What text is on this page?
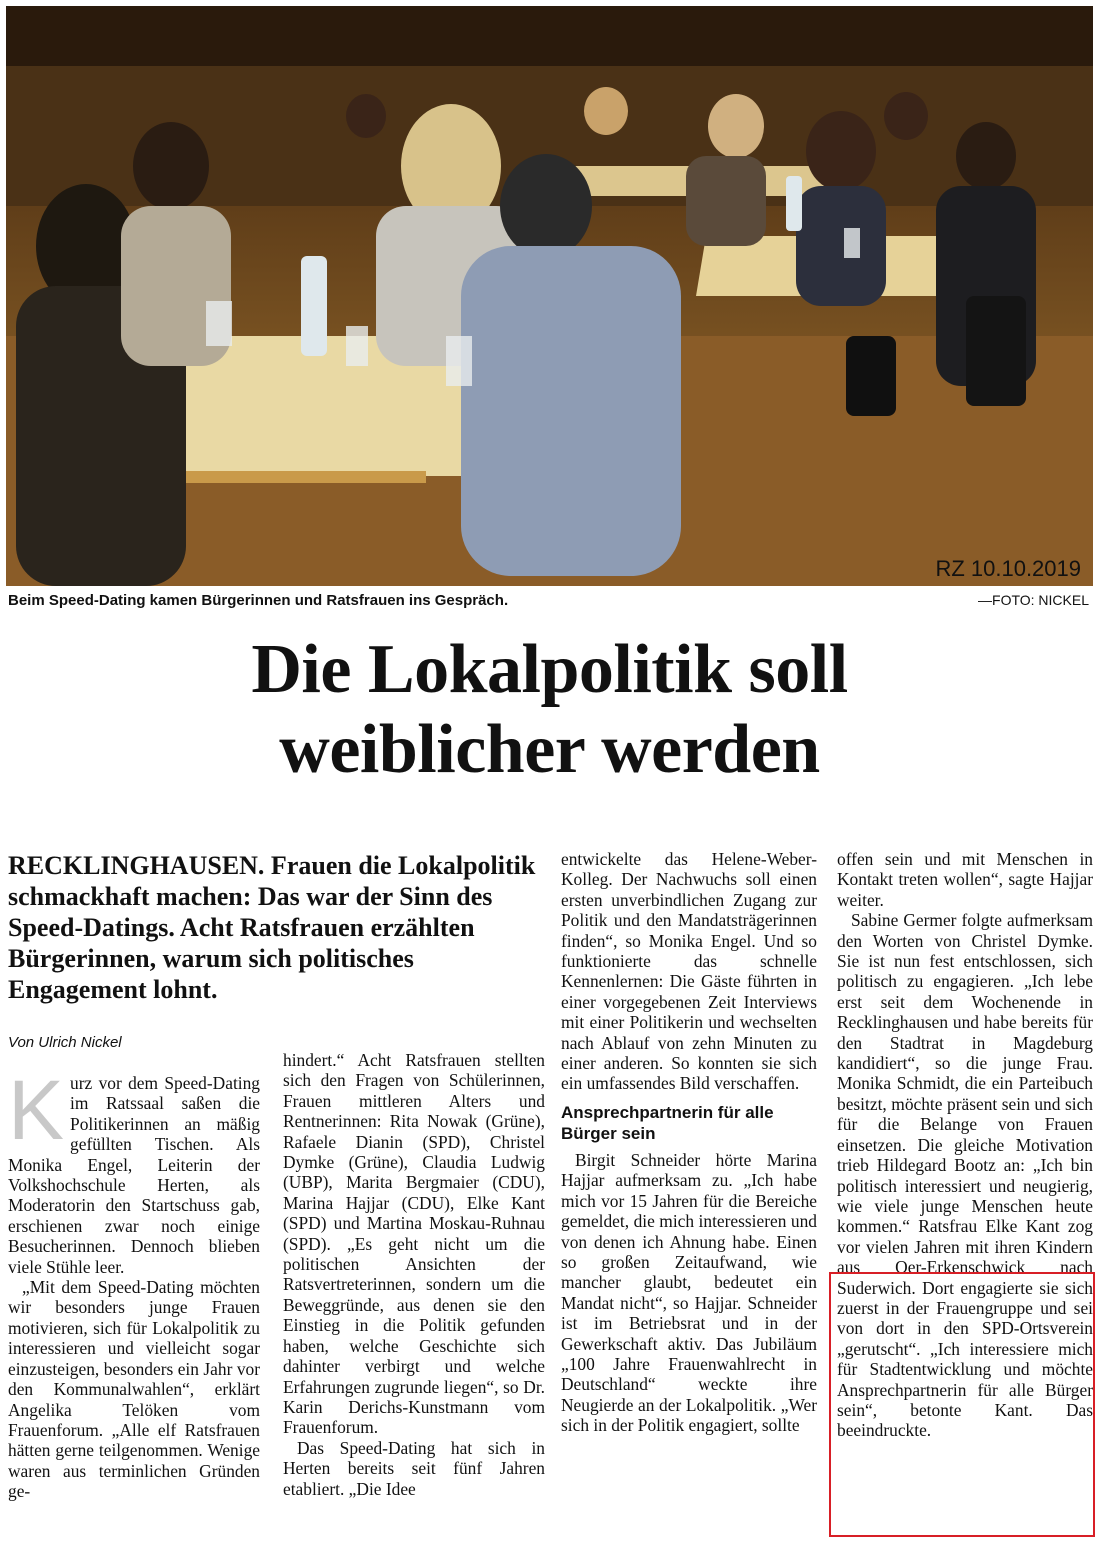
RZ 10.10.2019
Beim Speed-Dating kamen Bürgerinnen und Ratsfrauen ins Gespräch.	—FOTO: NICKEL
Die Lokalpolitik soll
weiblicher werden
RECKLINGHAUSEN. Frauen die Lokalpolitik schmackhaft machen: Das war der Sinn des Speed-Datings. Acht Ratsfrauen erzählten Bürgerinnen, warum sich politisches Engagement lohnt.
Von Ulrich Nickel

Kurz vor dem Speed-Dating im Ratssaal saßen die Politikerinnen an mäßig gefüllten Tischen. Als Monika Engel, Leiterin der Volkshochschule Herten, als Moderatorin den Startschuss gab, erschienen zwar noch einige Besucherinnen. Dennoch blieben viele Stühle leer.

„Mit dem Speed-Dating möchten wir besonders junge Frauen motivieren, sich für Lokalpolitik zu interessieren und vielleicht sogar einzusteigen, besonders ein Jahr vor den Kommunalwahlen“, erklärt Angelika Telöken vom Frauenforum. „Alle elf Ratsfrauen hätten gerne teilgenommen. Wenige waren aus terminlichen Gründen ge-

hindert.“ Acht Ratsfrauen stellten sich den Fragen von Schülerinnen, Frauen mittleren Alters und Rentnerinnen: Rita Nowak (Grüne), Rafaele Dianin (SPD), Christel Dymke (Grüne), Claudia Ludwig (UBP), Marita Bergmaier (CDU), Marina Hajjar (CDU), Elke Kant (SPD) und Martina Moskau-Ruhnau (SPD). „Es geht nicht um die politischen Ansichten der Ratsvertreterinnen, sondern um die Beweggründe, aus denen sie den Einstieg in die Politik gefunden haben, welche Geschichte sich dahinter verbirgt und welche Erfahrungen zugrunde liegen“, so Dr. Karin Derichs-Kunstmann vom Frauenforum.

Das Speed-Dating hat sich in Herten bereits seit fünf Jahren etabliert. „Die Idee

entwickelte das Helene-Weber-Kolleg. Der Nachwuchs soll einen ersten unverbindlichen Zugang zur Politik und den Mandatsträgerinnen finden“, so Monika Engel. Und so funktionierte das schnelle Kennenlernen: Die Gäste führten in einer vorgegebenen Zeit Interviews mit einer Politikerin und wechselten nach Ablauf von zehn Minuten zu einer anderen. So konnten sie sich ein umfassendes Bild verschaffen.

Ansprechpartnerin für alle Bürger sein

Birgit Schneider hörte Marina Hajjar aufmerksam zu. „Ich habe mich vor 15 Jahren für die Bereiche gemeldet, die mich interessieren und von denen ich Ahnung habe. Einen so großen Zeitaufwand, wie mancher glaubt, bedeutet ein Mandat nicht“, so Hajjar. Schneider ist im Betriebsrat und in der Gewerkschaft aktiv. Das Jubiläum „100 Jahre Frauenwahlrecht in Deutschland“ weckte ihre Neugierde an der Lokalpolitik. „Wer sich in der Politik engagiert, sollte

offen sein und mit Menschen in Kontakt treten wollen“, sagte Hajjar weiter.

Sabine Germer folgte aufmerksam den Worten von Christel Dymke. Sie ist nun fest entschlossen, sich politisch zu engagieren. „Ich lebe erst seit dem Wochenende in Recklinghausen und habe bereits für den Stadtrat in Magdeburg kandidiert“, so die junge Frau. Monika Schmidt, die ein Parteibuch besitzt, möchte präsent sein und sich für die Belange von Frauen einsetzen. Die gleiche Motivation trieb Hildegard Bootz an: „Ich bin politisch interessiert und neugierig, wie viele junge Menschen heute kommen.“ Ratsfrau Elke Kant zog vor vielen Jahren mit ihren Kindern aus Oer-Erkenschwick nach Suderwich. Dort engagierte sie sich zuerst in der Frauengruppe und sei von dort in den SPD-Ortsverein „gerutscht“. „Ich interessiere mich für Stadtentwicklung und möchte Ansprechpartnerin für alle Bürger sein“, betonte Kant. Das beeindruckte.
